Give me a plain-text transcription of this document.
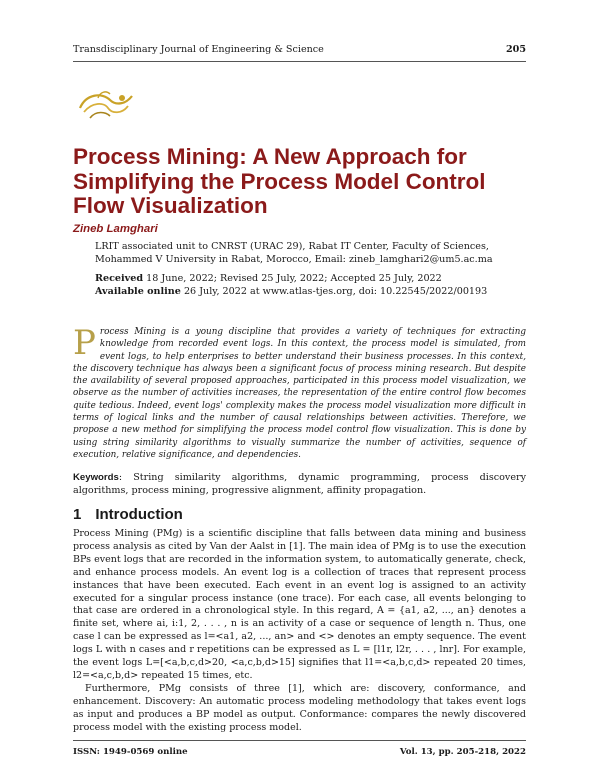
Transdisciplinary Journal of Engineering & Science	205
Process Mining: A New Approach for Simplifying the Process Model Control Flow Visualization
Zineb Lamghari
LRIT associated unit to CNRST (URAC 29), Rabat IT Center, Faculty of Sciences, Mohammed V University in Rabat, Morocco, Email: zineb_lamghari2@um5.ac.ma
Received 18 June, 2022; Revised 25 July, 2022; Accepted 25 July, 2022
Available online 26 July, 2022 at www.atlas-tjes.org, doi: 10.22545/2022/00193
Process Mining is a young discipline that provides a variety of techniques for extracting knowledge from recorded event logs. In this context, the process model is simulated, from event logs, to help enterprises to better understand their business processes. In this context, the discovery technique has always been a significant focus of process mining research. But despite the availability of several proposed approaches, participated in this process model visualization, we observe as the number of activities increases, the representation of the entire control flow becomes quite tedious. Indeed, event logs' complexity makes the process model visualization more difficult in terms of logical links and the number of causal relationships between activities. Therefore, we propose a new method for simplifying the process model control flow visualization. This is done by using string similarity algorithms to visually summarize the number of activities, sequence of execution, relative significance, and dependencies.
Keywords: String similarity algorithms, dynamic programming, process discovery algorithms, process mining, progressive alignment, affinity propagation.
1 Introduction

Process Mining (PMg) is a scientific discipline that falls between data mining and business process analysis as cited by Van der Aalst in [1]. The main idea of PMg is to use the execution BPs event logs that are recorded in the information system, to automatically generate, check, and enhance process models. An event log is a collection of traces that represent process instances that have been executed. Each event in an event log is assigned to an activity executed for a singular process instance (one trace). For each case, all events belonging to that case are ordered in a chronological style. In this regard, A = {a1, a2, ..., an} denotes a finite set, where ai, i:1, 2, . . . , n is an activity of a case or sequence of length n. Thus, one case l can be expressed as l=<a1, a2, ..., an> and <> denotes an empty sequence. The event logs L with n cases and r repetitions can be expressed as L = [l1r, l2r, . . . , lnr]. For example, the event logs L=[<a,b,c,d>20, <a,c,b,d>15] signifies that l1=<a,b,c,d> repeated 20 times, l2=<a,c,b,d> repeated 15 times, etc.

Furthermore, PMg consists of three [1], which are: discovery, conformance, and enhancement. Discovery: An automatic process modeling methodology that takes event logs as input and produces a BP model as output. Conformance: compares the newly discovered process model with the existing process model.

ISSN: 1949-0569 online	Vol. 13, pp. 205-218, 2022
